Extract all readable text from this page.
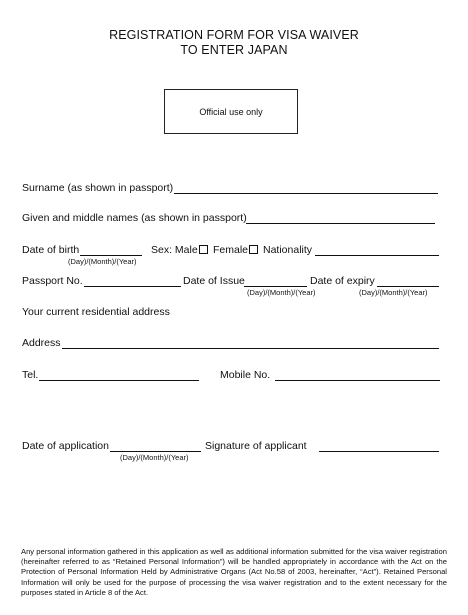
REGISTRATION FORM FOR VISA WAIVER
TO ENTER JAPAN
Official use only
Surname (as shown in passport)
Given and middle names (as shown in passport)
Date of birth
(Day)/(Month)/(Year)
Sex: Male	Female	Nationality
Passport No.	Date of Issue
(Day)/(Month)/(Year)
Date of expiry
(Day)/(Month)/(Year)
Your current residential address
Address
Tel.	Mobile No.
Date of application
(Day)/(Month)/(Year)
Signature of applicant
Any personal information gathered in this application as well as additional information submitted for the visa waiver registration (hereinafter referred to as “Retained Personal Information”) will be handled appropriately in accordance with the Act on the Protection of Personal Information Held by Administrative Organs (Act No.58 of 2003, hereinafter, “Act”). Retained Personal Information will only be used for the purpose of processing the visa waiver registration and to the extent necessary for the purposes stated in Article 8 of the Act.
